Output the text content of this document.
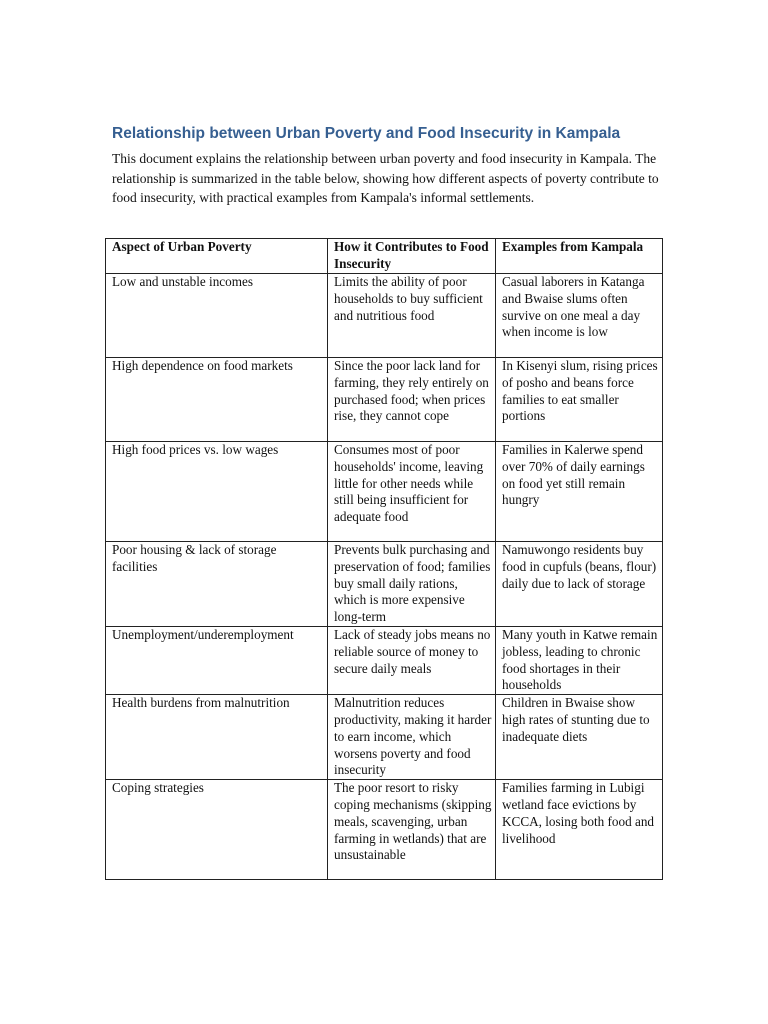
Relationship between Urban Poverty and Food Insecurity in Kampala

This document explains the relationship between urban poverty and food insecurity in Kampala. The relationship is summarized in the table below, showing how different aspects of poverty contribute to food insecurity, with practical examples from Kampala's informal settlements.

Aspect of Urban Poverty	How it Contributes to Food Insecurity	Examples from Kampala
Low and unstable incomes	Limits the ability of poor households to buy sufficient and nutritious food	Casual laborers in Katanga and Bwaise slums often survive on one meal a day when income is low
High dependence on food markets	Since the poor lack land for farming, they rely entirely on purchased food; when prices rise, they cannot cope	In Kisenyi slum, rising prices of posho and beans force families to eat smaller portions
High food prices vs. low wages	Consumes most of poor households' income, leaving little for other needs while still being insufficient for adequate food	Families in Kalerwe spend over 70% of daily earnings on food yet still remain hungry
Poor housing & lack of storage facilities	Prevents bulk purchasing and preservation of food; families buy small daily rations, which is more expensive long-term	Namuwongo residents buy food in cupfuls (beans, flour) daily due to lack of storage
Unemployment/underemployment	Lack of steady jobs means no reliable source of money to secure daily meals	Many youth in Katwe remain jobless, leading to chronic food shortages in their households
Health burdens from malnutrition	Malnutrition reduces productivity, making it harder to earn income, which worsens poverty and food insecurity	Children in Bwaise show high rates of stunting due to inadequate diets
Coping strategies	The poor resort to risky coping mechanisms (skipping meals, scavenging, urban farming in wetlands) that are unsustainable	Families farming in Lubigi wetland face evictions by KCCA, losing both food and livelihood
